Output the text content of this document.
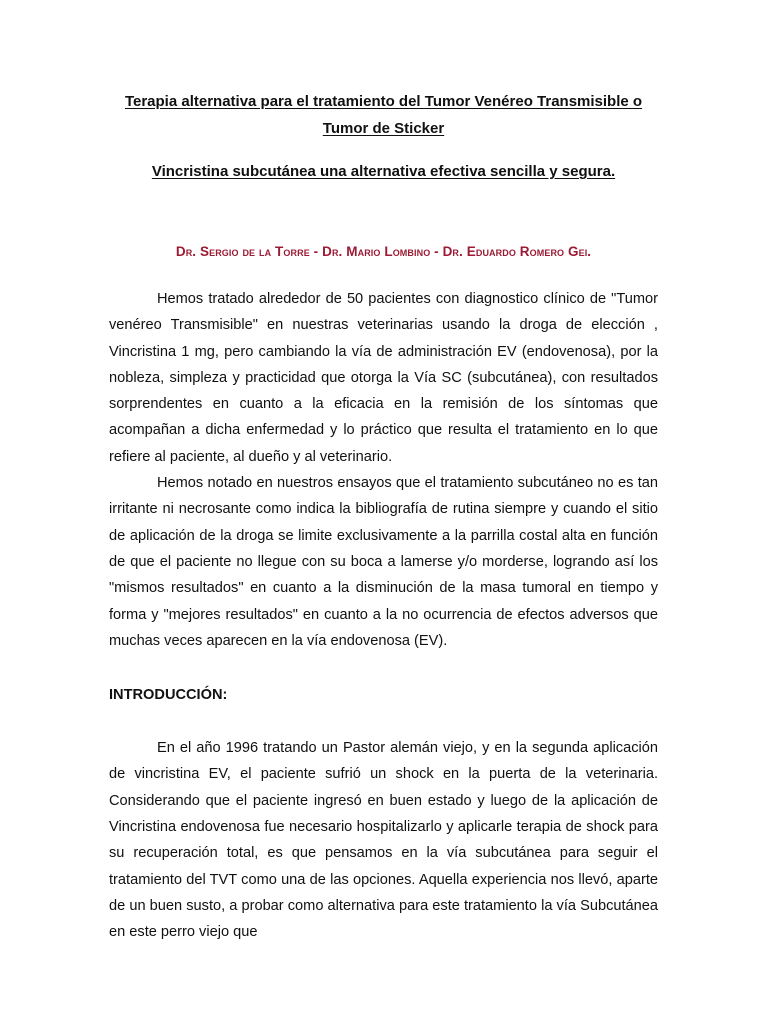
Terapia alternativa para el tratamiento del Tumor Venéreo Transmisible o Tumor de Sticker
Vincristina subcutánea una alternativa efectiva sencilla y segura.

Dr. Sergio de la Torre - Dr. Mario Lombino - Dr. Eduardo Romero Gei.

Hemos tratado alrededor de 50 pacientes con diagnostico clínico de "Tumor venéreo Transmisible" en nuestras veterinarias usando la droga de elección , Vincristina 1 mg, pero cambiando la vía de administración EV (endovenosa), por la nobleza, simpleza y practicidad que otorga la Vía SC (subcutánea), con resultados sorprendentes en cuanto a la eficacia en la remisión de los síntomas que acompañan a dicha enfermedad y lo práctico que resulta el tratamiento en lo que refiere al paciente, al dueño y al veterinario.

Hemos notado en nuestros ensayos que el tratamiento subcutáneo no es tan irritante ni necrosante como indica la bibliografía de rutina siempre y cuando el sitio de aplicación de la droga se limite exclusivamente a la parrilla costal alta en función de que el paciente no llegue con su boca a lamerse y/o morderse, logrando así los "mismos resultados" en cuanto a la disminución de la masa tumoral en tiempo y forma y "mejores resultados" en cuanto a la no ocurrencia de efectos adversos que muchas veces aparecen en la vía endovenosa (EV).

INTRODUCCIÓN:

En el año 1996 tratando un Pastor alemán viejo, y en la segunda aplicación de vincristina EV, el paciente sufrió un shock en la puerta de la veterinaria. Considerando que el paciente ingresó en buen estado y luego de la aplicación de Vincristina endovenosa fue necesario hospitalizarlo y aplicarle terapia de shock para su recuperación total, es que pensamos en la vía subcutánea para seguir el tratamiento del TVT como una de las opciones. Aquella experiencia nos llevó, aparte de un buen susto, a probar como alternativa para este tratamiento la vía Subcutánea en este perro viejo que
